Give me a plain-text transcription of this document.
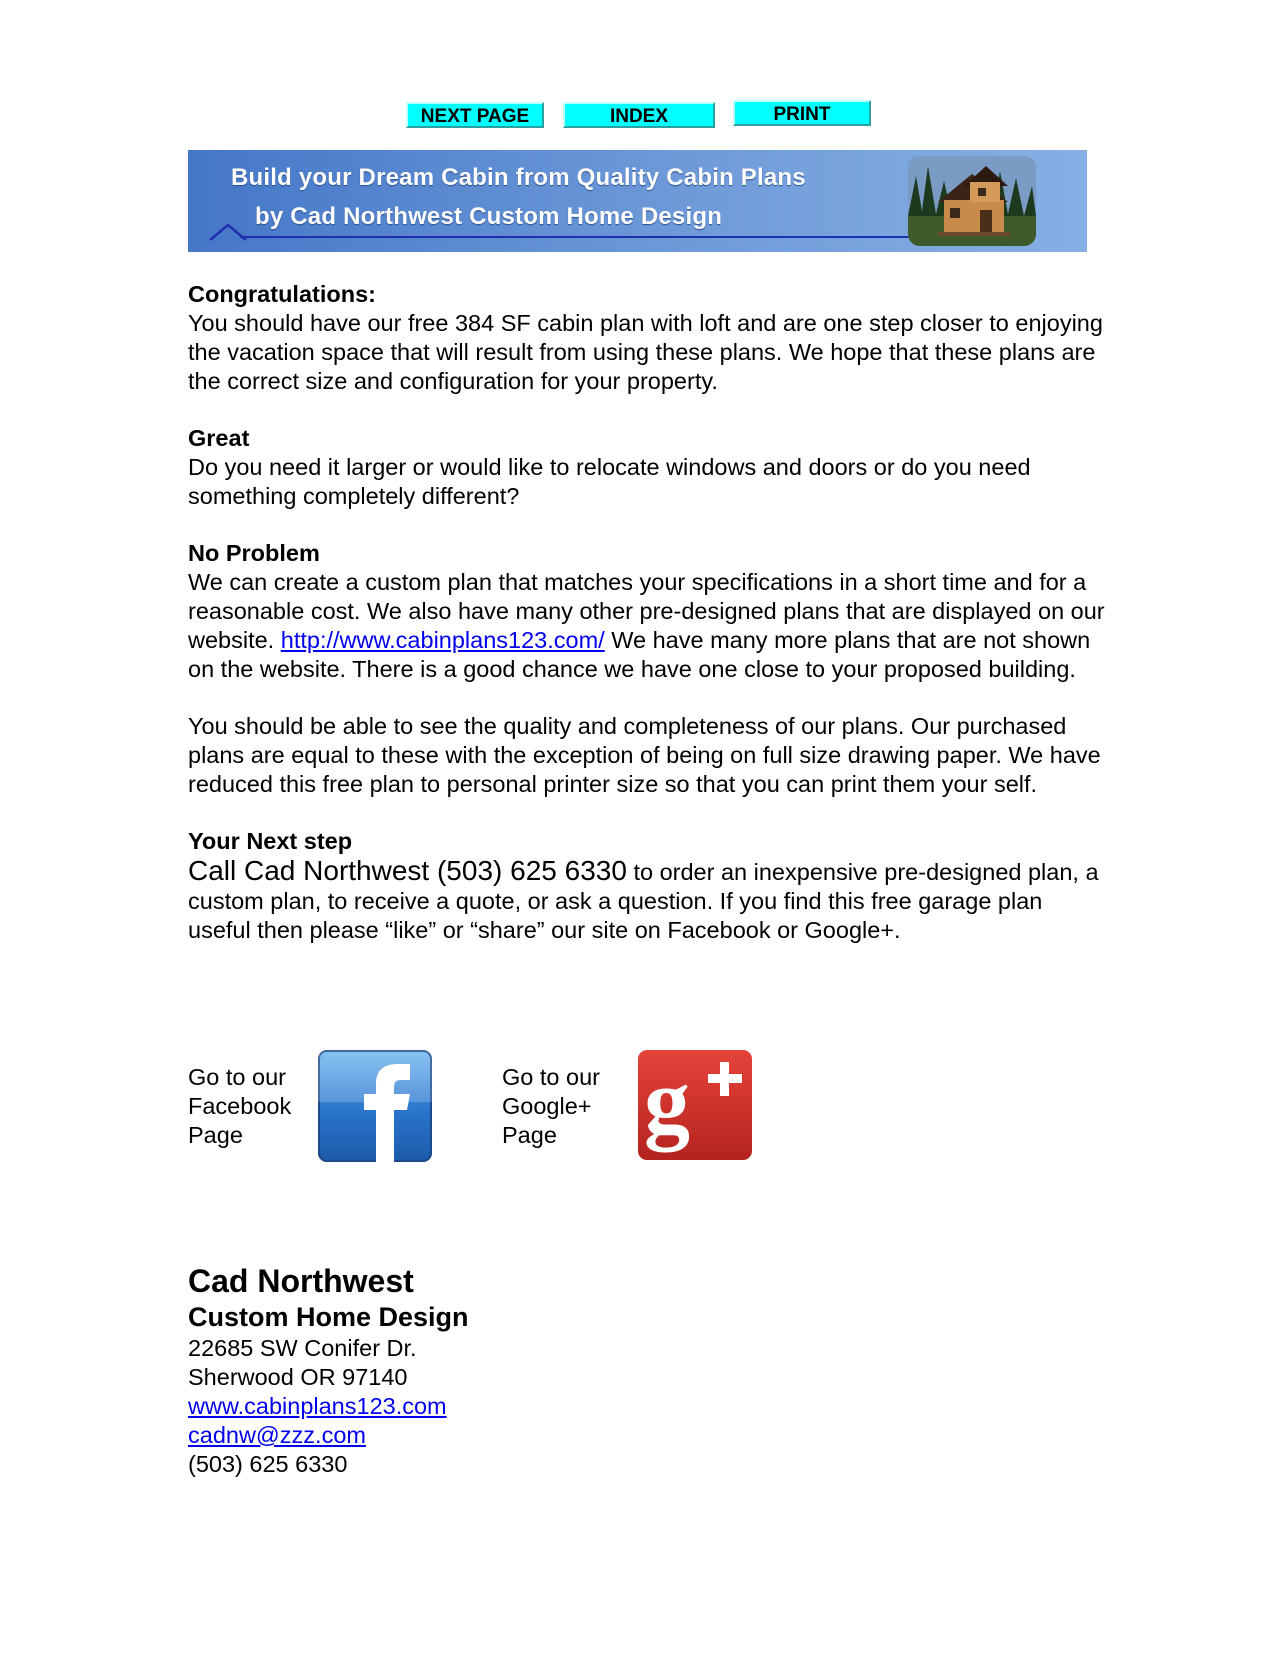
NEXT PAGE	INDEX	PRINT
Build your Dream Cabin from Quality Cabin Plans
by Cad Northwest Custom Home Design

Congratulations:

You should have our free 384 SF cabin plan with loft and are one step closer to enjoying the vacation space that will result from using these plans. We hope that these plans are the correct size and configuration for your property.

Great

Do you need it larger or would like to relocate windows and doors or do you need something completely different?

No Problem

We can create a custom plan that matches your specifications in a short time and for a reasonable cost. We also have many other pre-designed plans that are displayed on our website. http://www.cabinplans123.com/ We have many more plans that are not shown on the website. There is a good chance we have one close to your proposed building.

You should be able to see the quality and completeness of our plans. Our purchased plans are equal to these with the exception of being on full size drawing paper. We have reduced this free plan to personal printer size so that you can print them your self.

Your Next step

Call Cad Northwest (503) 625 6330 to order an inexpensive pre-designed plan, a custom plan, to receive a quote, or ask a question. If you find this free garage plan useful then please “like” or “share” our site on Facebook or Google+.

Go to our
Facebook
Page
Go to our
Google+
Page g

Cad Northwest

Custom Home Design

22685 SW Conifer Dr.

Sherwood OR 97140

www.cabinplans123.com

cadnw@zzz.com

(503) 625 6330
